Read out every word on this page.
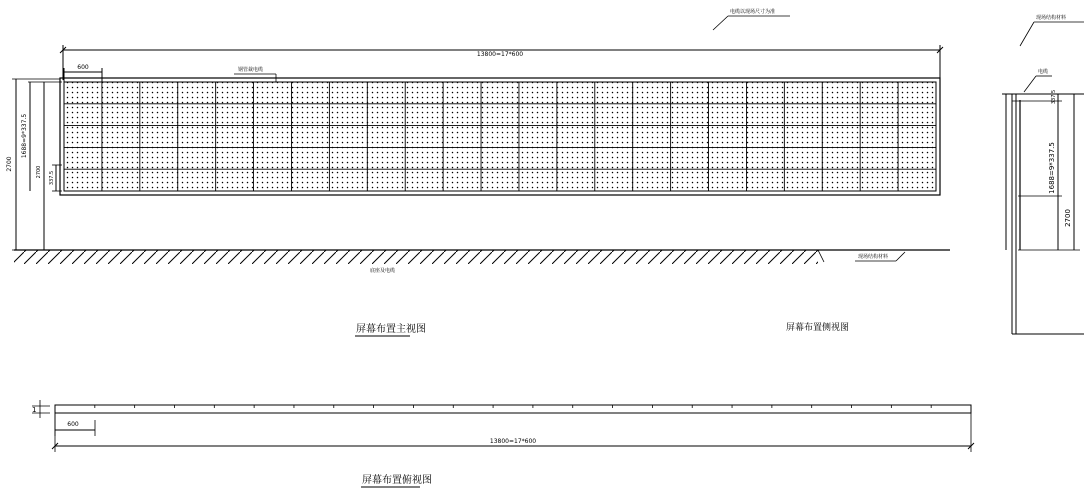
13800=17*600
600	钢管裁电缆
电缆以现场尺寸为准
2700
1688=9*337.5
2700 337.5
底座及电缆
现场结构材料
屏幕布置主视图
现场结构材料
电缆
337.5
1688=9*337.5
2700
屏幕布置侧视图
1
600
13800=17*600
屏幕布置俯视图
